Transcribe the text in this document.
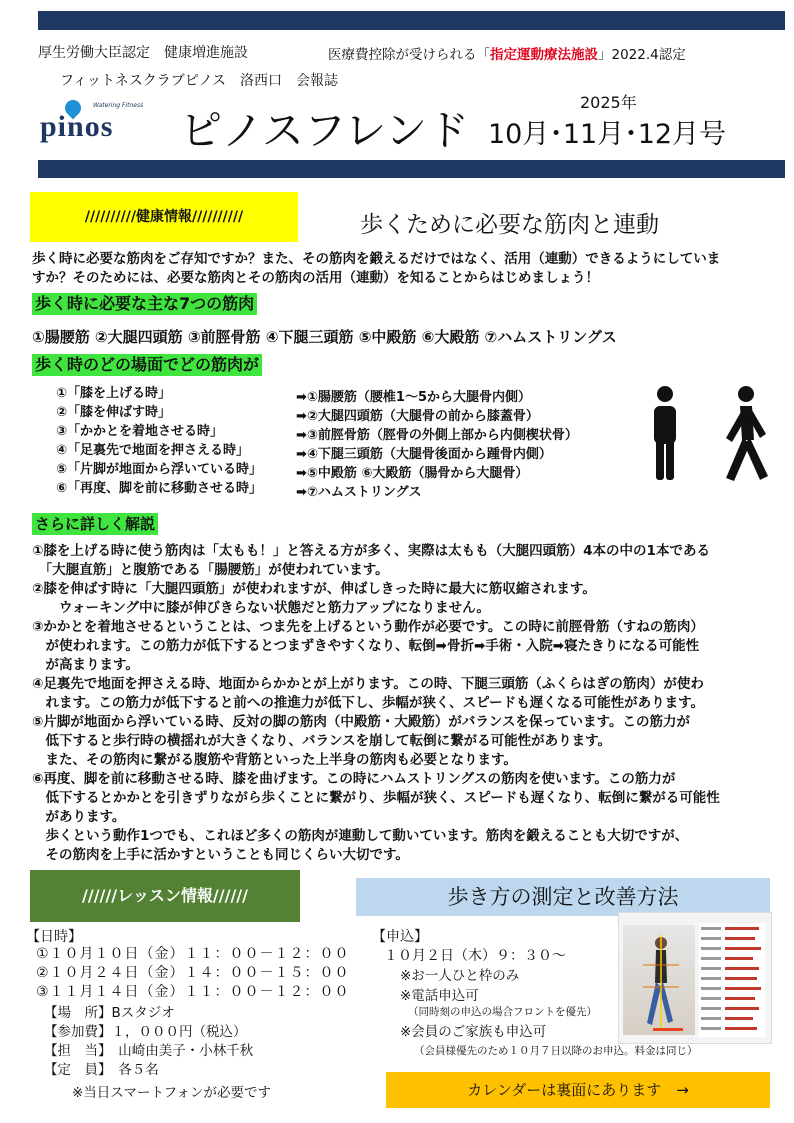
厚生労働大臣認定　健康増進施設	医療費控除が受けられる「指定運動療法施設」2022.4認定
フィットネスクラブピノス　洛西口　会報誌
Watering Fitness
pinos ピノスフレンド
2025年
10月･11月･12月号
//////////健康情報//////////	歩くために必要な筋肉と連動
歩く時に必要な筋肉をご存知ですか？また、その筋肉を鍛えるだけではなく、活用（連動）できるようにしていま
すか？そのためには、必要な筋肉とその筋肉の活用（連動）を知ることからはじめましょう！
歩く時に必要な主な7つの筋肉
①腸腰筋 ②大腿四頭筋 ③前脛骨筋 ④下腿三頭筋 ⑤中殿筋 ⑥大殿筋 ⑦ハムストリングス
歩く時のどの場面でどの筋肉が
①「膝を上げる時」
②「膝を伸ばす時」
③「かかとを着地させる時」
④「足裏先で地面を押さえる時」
⑤「片脚が地面から浮いている時」
⑥「再度、脚を前に移動させる時」
➡①腸腰筋（腰椎1～5から大腿骨内側）
➡②大腿四頭筋（大腿骨の前から膝蓋骨）
➡③前脛骨筋（脛骨の外側上部から内側楔状骨）
➡④下腿三頭筋（大腿骨後面から踵骨内側）
➡⑤中殿筋 ⑥大殿筋（腸骨から大腿骨）
➡⑦ハムストリングス
さらに詳しく解説
①膝を上げる時に使う筋肉は「太もも！」と答える方が多く、実際は太もも（大腿四頭筋）4本の中の1本である
　「大腿直筋」と腹筋である「腸腰筋」が使われています。
②膝を伸ばす時に「大腿四頭筋」が使われますが、伸ばしきった時に最大に筋収縮されます。
　　ウォーキング中に膝が伸びきらない状態だと筋力アップになりません。
③かかとを着地させるということは、つま先を上げるという動作が必要です。この時に前脛骨筋（すねの筋肉）
　が使われます。この筋力が低下するとつまずきやすくなり、転倒➡骨折➡手術・入院➡寝たきりになる可能性
　が高まります。
④足裏先で地面を押さえる時、地面からかかとが上がります。この時、下腿三頭筋（ふくらはぎの筋肉）が使わ
　れます。この筋力が低下すると前への推進力が低下し、歩幅が狭く、スピードも遅くなる可能性があります。
⑤片脚が地面から浮いている時、反対の脚の筋肉（中殿筋・大殿筋）がバランスを保っています。この筋力が
　低下すると歩行時の横揺れが大きくなり、バランスを崩して転倒に繋がる可能性があります。
　また、その筋肉に繋がる腹筋や背筋といった上半身の筋肉も必要となります。
⑥再度、脚を前に移動させる時、膝を曲げます。この時にハムストリングスの筋肉を使います。この筋力が
　低下するとかかとを引きずりながら歩くことに繋がり、歩幅が狭く、スピードも遅くなり、転倒に繋がる可能性
　があります。
　歩くという動作1つでも、これほど多くの筋肉が連動して動いています。筋肉を鍛えることも大切ですが、
　その筋肉を上手に活かすということも同じくらい大切です。
//////レッスン情報//////	歩き方の測定と改善方法
【日時】
①１０月１０日（金）１１：００－１２：００
②１０月２４日（金）１４：００－１５：００
③１１月１４日（金）１１：００－１２：００
【場　所】Bスタジオ
【参加費】１，０００円（税込）
【担　当】　山崎由美子・小林千秋
【定　員】　各５名
※当日スマートフォンが必要です
【申込】
１０月２日（木）９：３０～
※お一人ひと枠のみ
※電話申込可
（同時刻の申込の場合フロントを優先）
※会員のご家族も申込可
（会員様優先のため１０月７日以降のお申込。料金は同じ）
カレンダーは裏面にあります　→
